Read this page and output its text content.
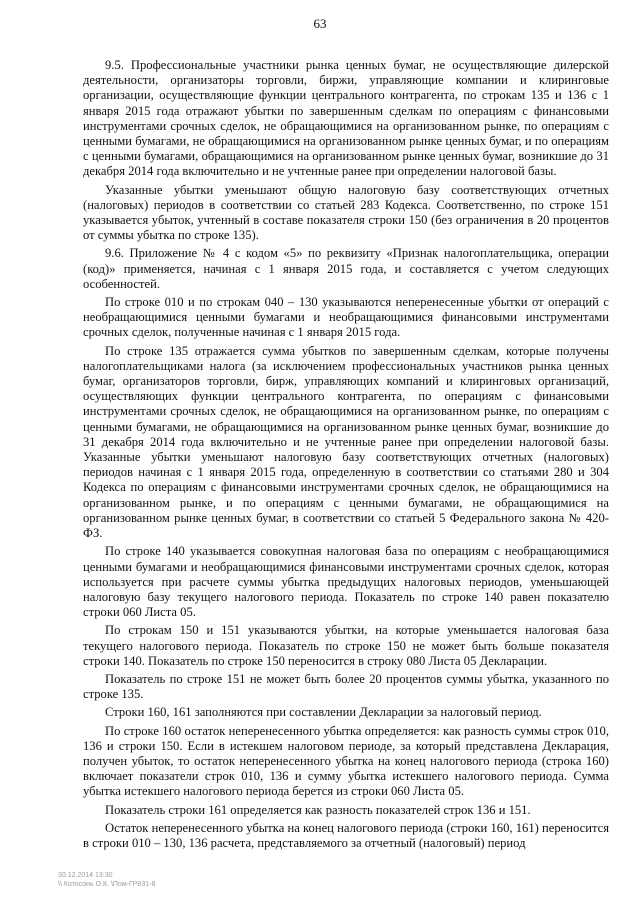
63

9.5. Профессиональные участники рынка ценных бумаг, не осуществляющие дилерской деятельности, организаторы торговли, биржи, управляющие компании и клиринговые организации, осуществляющие функции центрального контрагента, по строкам 135 и 136 с 1 января 2015 года отражают убытки по завершенным сделкам по операциям с финансовыми инструментами срочных сделок, не обращающимися на организованном рынке, по операциям с ценными бумагами, не обращающимися на организованном рынке ценных бумаг, и по операциям с ценными бумагами, обращающимися на организованном рынке ценных бумаг, возникшие до 31 декабря 2014 года включительно и не учтенные ранее при определении налоговой базы.

Указанные убытки уменьшают общую налоговую базу соответствующих отчетных (налоговых) периодов в соответствии со статьей 283 Кодекса. Соответственно, по строке 151 указывается убыток, учтенный в составе показателя строки 150 (без ограничения в 20 процентов от суммы убытка по строке 135).

9.6. Приложение № 4 с кодом «5» по реквизиту «Признак налогоплательщика, операции (код)» применяется, начиная с 1 января 2015 года, и составляется с учетом следующих особенностей.

По строке 010 и по строкам 040 – 130 указываются неперенесенные убытки от операций с необращающимися ценными бумагами и необращающимися финансовыми инструментами срочных сделок, полученные начиная с 1 января 2015 года.

По строке 135 отражается сумма убытков по завершенным сделкам, которые получены налогоплательщиками налога (за исключением профессиональных участников рынка ценных бумаг, организаторов торговли, бирж, управляющих компаний и клиринговых организаций, осуществляющих функции центрального контрагента, по операциям с финансовыми инструментами срочных сделок, не обращающимися на организованном рынке, по операциям с ценными бумагами, не обращающимися на организованном рынке ценных бумаг, возникшие до 31 декабря 2014 года включительно и не учтенные ранее при определении налоговой базы. Указанные убытки уменьшают налоговую базу соответствующих отчетных (налоговых) периодов начиная с 1 января 2015 года, определенную в соответствии со статьями 280 и 304 Кодекса по операциям с финансовыми инструментами срочных сделок, не обращающимися на организованном рынке, и по операциям с ценными бумагами, не обращающимися на организованном рынке ценных бумаг, в соответствии со статьей 5 Федерального закона № 420-ФЗ.

По строке 140 указывается совокупная налоговая база по операциям с необращающимися ценными бумагами и необращающимися финансовыми инструментами срочных сделок, которая используется при расчете суммы убытка предыдущих налоговых периодов, уменьшающей налоговую базу текущего налогового периода. Показатель по строке 140 равен показателю строки 060 Листа 05.

По строкам 150 и 151 указываются убытки, на которые уменьшается налоговая база текущего налогового периода. Показатель по строке 150 не может быть больше показателя строки 140. Показатель по строке 150 переносится в строку 080 Листа 05 Декларации.

Показатель по строке 151 не может быть более 20 процентов суммы убытка, указанного по строке 135.

Строки 160, 161 заполняются при составлении Декларации за налоговый период.

По строке 160 остаток неперенесенного убытка определяется: как разность суммы строк 010, 136 и строки 150. Если в истекшем налоговом периоде, за который представлена Декларация, получен убыток, то остаток неперенесенного убытка на конец налогового периода (строка 160) включает показатели строк 010, 136 и сумму убытка истекшего налогового периода. Сумма убытка истекшего налогового периода берется из строки 060 Листа 05.

Показатель строки 161 определяется как разность показателей строк 136 и 151.

Остаток неперенесенного убытка на конец налогового периода (строки 160, 161) переносится в строки 010 – 130, 136 расчета, представляемого за отчетный (налоговый) период

30.12.2014 13:30
\\ Котосонь О.К. \Пом-ГР831-8
